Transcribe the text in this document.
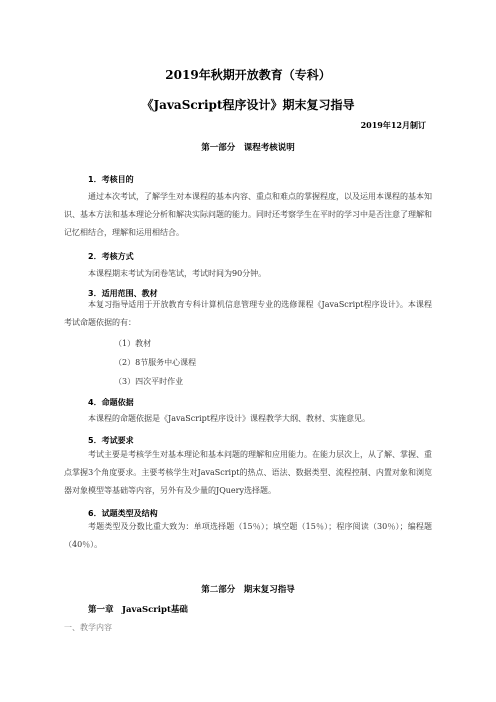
2019年秋期开放教育（专科）
《JavaScript程序设计》期末复习指导
2019年12月制订
第一部分　课程考核说明
1．考核目的
通过本次考试，了解学生对本课程的基本内容、重点和难点的掌握程度，以及运用本课程的基本知识、基本方法和基本理论分析和解决实际问题的能力。同时还考察学生在平时的学习中是否注意了理解和记忆相结合，理解和运用相结合。
2．考核方式
本课程期末考试为闭卷笔试，考试时间为90分钟。
3．适用范围、教材
本复习指导适用于开放教育专科计算机信息管理专业的选修课程《JavaScript程序设计》。本课程考试命题依据的有：
（1）教材
（2）8节服务中心课程
（3）四次平时作业
4．命题依据
本课程的命题依据是《JavaScript程序设计》课程教学大纲、教材、实施意见。
5．考试要求
考试主要是考核学生对基本理论和基本问题的理解和应用能力。在能力层次上，从了解、掌握、重点掌握3个角度要求。主要考核学生对JavaScript的热点、语法、数据类型、流程控制、内置对象和浏览器对象模型等基础等内容，另外有及少量的JQuery选择题。
6．试题类型及结构
考题类型及分数比重大致为：单项选择题（15％）；填空题（15％）；程序阅读（30％）；编程题（40％）。
第二部分　期末复习指导
第一章　JavaScript基础
一、教学内容
